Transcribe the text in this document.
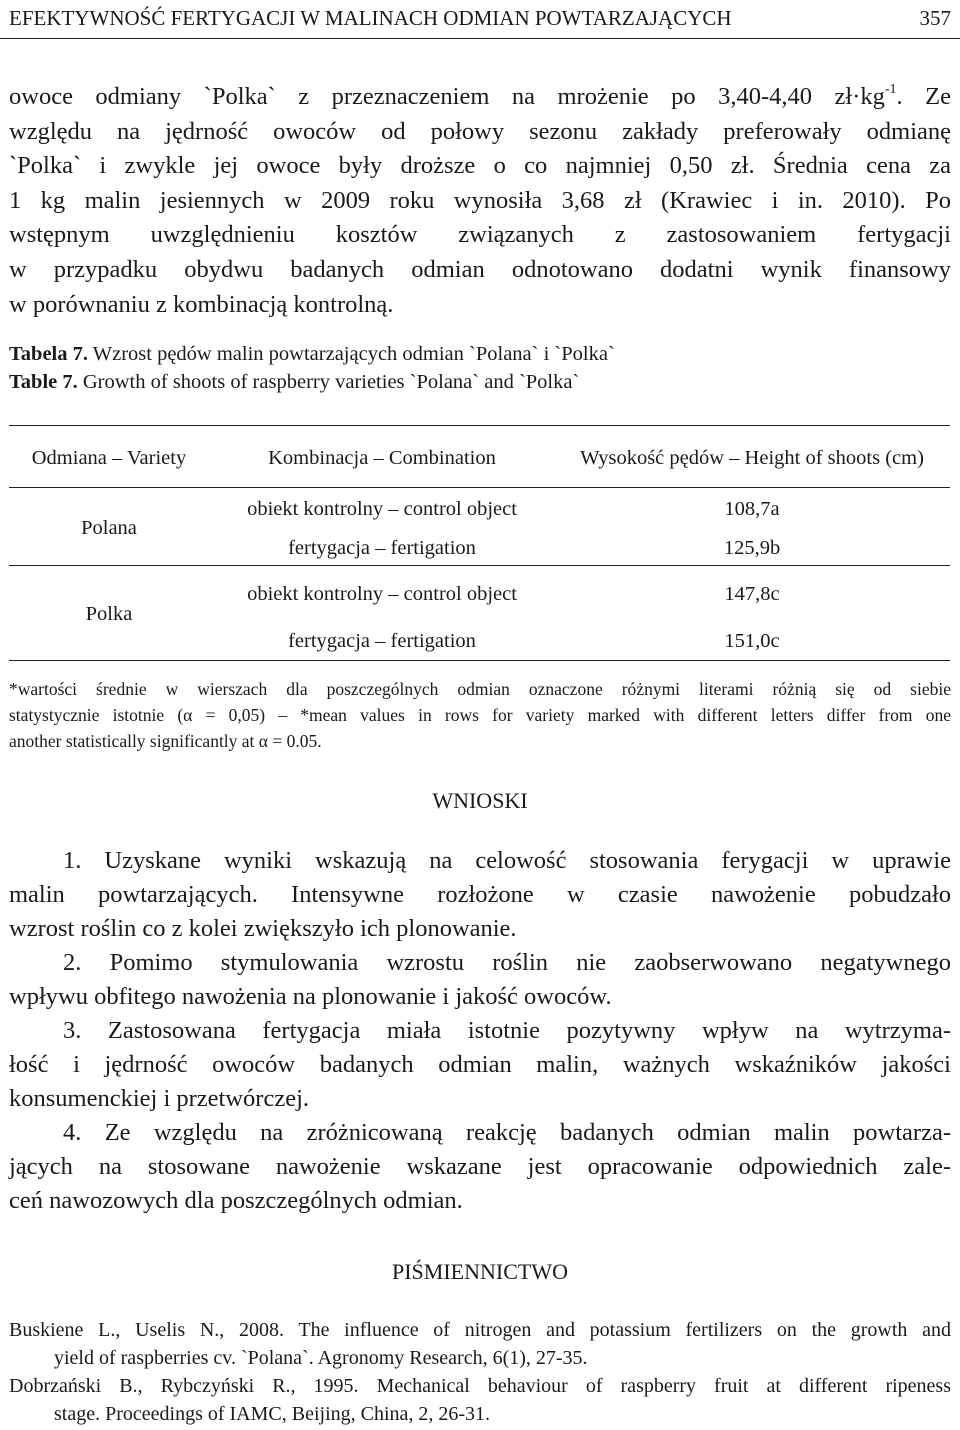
EFEKTYWNOŚĆ FERTYGACJI W MALINACH ODMIAN POWTARZAJĄCYCH	357
owoce odmiany `Polka` z przeznaczeniem na mrożenie po 3,40-4,40 $zł\cdot kg^{-1}$. Ze
względu na jędrność owoców od połowy sezonu zakłady preferowały odmianę
`Polka` i zwykle jej owoce były droższe o co najmniej 0,50 zł. Średnia cena za
1 kg malin jesiennych w 2009 roku wynosiła 3,68 zł (Krawiec i in. 2010). Po
wstępnym uwzględnieniu kosztów związanych z zastosowaniem fertygacji
w przypadku obydwu badanych odmian odnotowano dodatni wynik finansowy
w porównaniu z kombinacją kontrolną.
Tabela 7. Wzrost pędów malin powtarzających odmian `Polana` i `Polka`
Table 7. Growth of shoots of raspberry varieties `Polana` and `Polka`
Odmiana – Variety	Kombinacja – Combination	Wysokość pędów – Height of shoots (cm)
Polana
obiekt kontrolny – control object	108,7a
fertygacja – fertigation	125,9b
Polka
obiekt kontrolny – control object	147,8c
fertygacja – fertigation	151,0c
*wartości średnie w wierszach dla poszczególnych odmian oznaczone różnymi literami różnią się od siebie
statystycznie istotnie (α = 0,05) – *mean values in rows for variety marked with different letters differ from one
another statistically significantly at α = 0.05.
WNIOSKI
1. Uzyskane wyniki wskazują na celowość stosowania ferygacji w uprawie
malin powtarzających. Intensywne rozłożone w czasie nawożenie pobudzało
wzrost roślin co z kolei zwiększyło ich plonowanie.
2. Pomimo stymulowania wzrostu roślin nie zaobserwowano negatywnego
wpływu obfitego nawożenia na plonowanie i jakość owoców.
3. Zastosowana fertygacja miała istotnie pozytywny wpływ na wytrzyma-
łość i jędrność owoców badanych odmian malin, ważnych wskaźników jakości
konsumenckiej i przetwórczej.
4. Ze względu na zróżnicowaną reakcję badanych odmian malin powtarza-
jących na stosowane nawożenie wskazane jest opracowanie odpowiednich zale-
ceń nawozowych dla poszczególnych odmian.
PIŚMIENNICTWO
Buskiene L., Uselis N., 2008. The influence of nitrogen and potassium fertilizers on the growth and
yield of raspberries cv. `Polana`. Agronomy Research, 6(1), 27-35.
Dobrzański B., Rybczyński R., 1995. Mechanical behaviour of raspberry fruit at different ripeness
stage. Proceedings of IAMC, Beijing, China, 2, 26-31.
